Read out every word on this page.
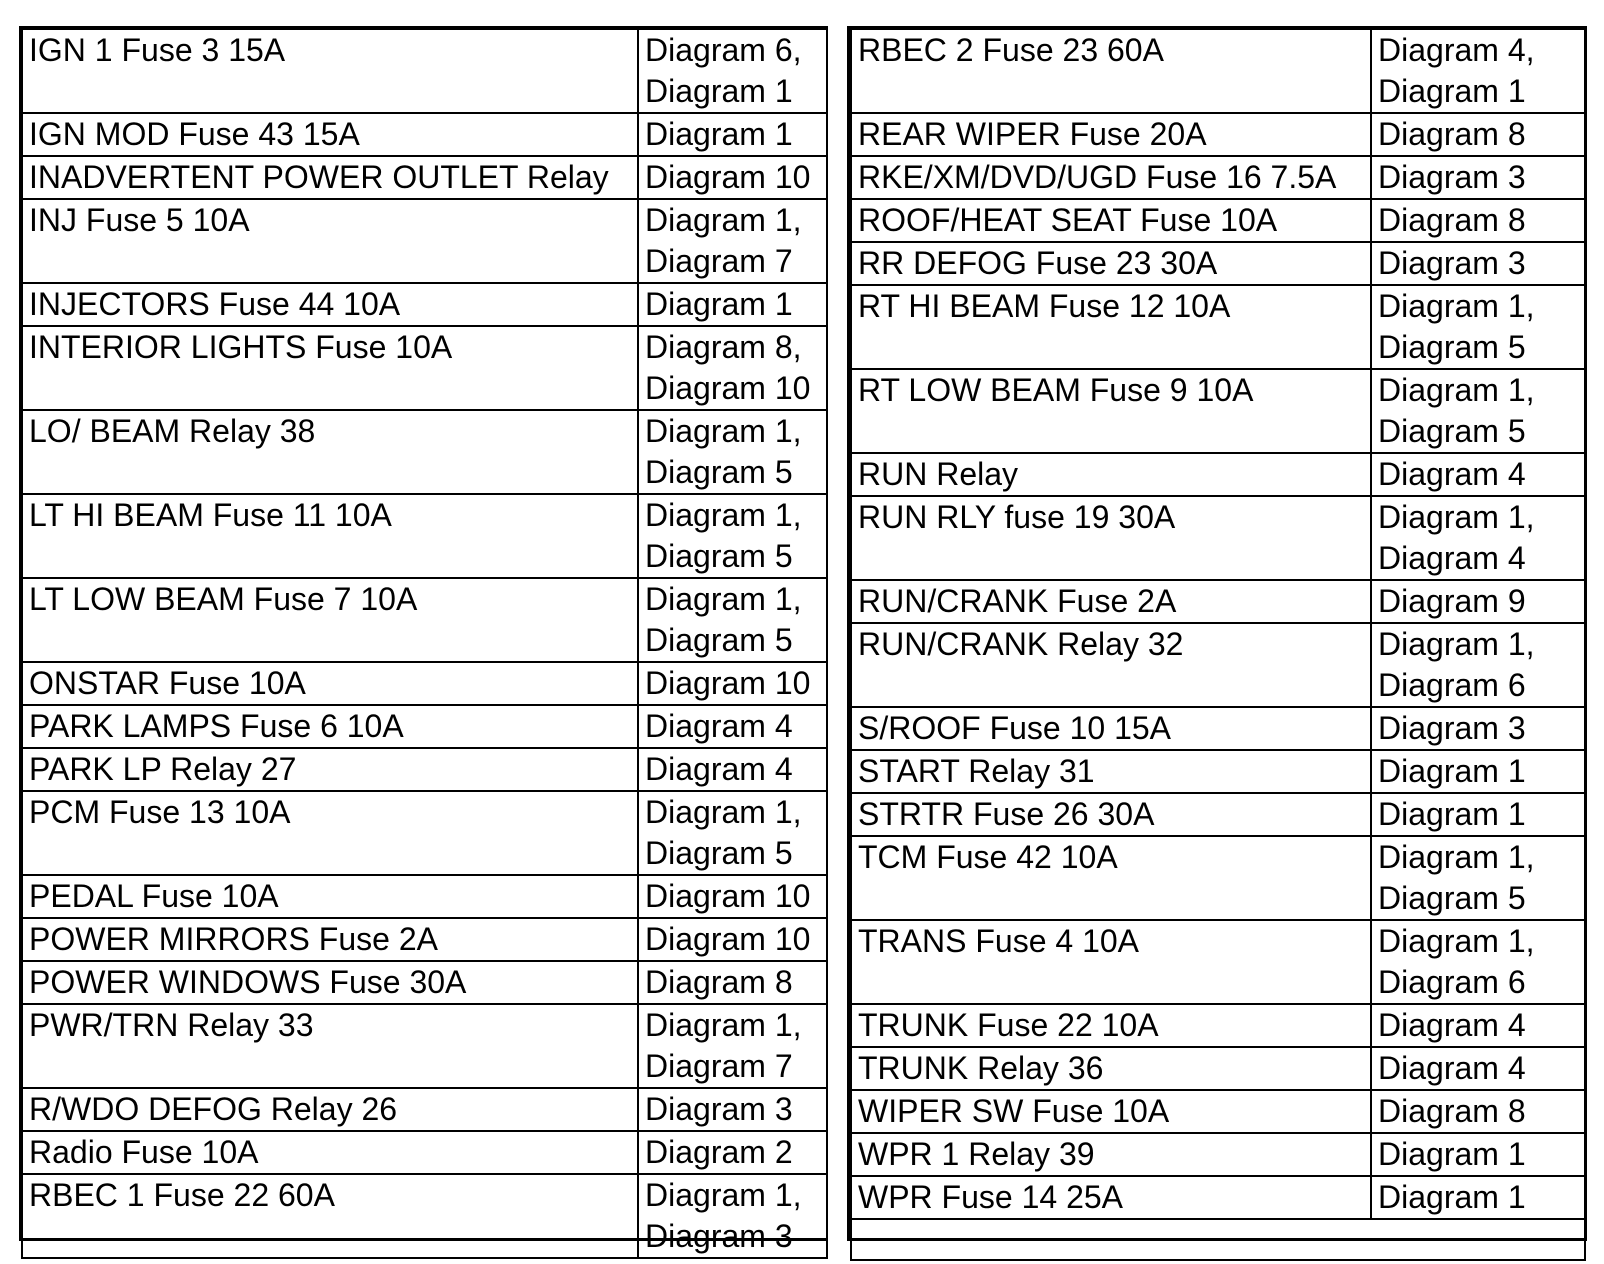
IGN 1 Fuse 3 15A	Diagram 6,
Diagram 1

IGN MOD Fuse 43 15A	Diagram 1

INADVERTENT POWER OUTLET Relay	Diagram 10

INJ Fuse 5 10A	Diagram 1,
Diagram 7

INJECTORS Fuse 44 10A	Diagram 1

INTERIOR LIGHTS Fuse 10A	Diagram 8,
Diagram 10

LO/ BEAM Relay 38	Diagram 1,
Diagram 5

LT HI BEAM Fuse 11 10A	Diagram 1,
Diagram 5

LT LOW BEAM Fuse 7 10A	Diagram 1,
Diagram 5

ONSTAR Fuse 10A	Diagram 10

PARK LAMPS Fuse 6 10A	Diagram 4

PARK LP Relay 27	Diagram 4

PCM Fuse 13 10A	Diagram 1,
Diagram 5

PEDAL Fuse 10A	Diagram 10

POWER MIRRORS Fuse 2A	Diagram 10

POWER WINDOWS Fuse 30A	Diagram 8

PWR/TRN Relay 33	Diagram 1,
Diagram 7

R/WDO DEFOG Relay 26	Diagram 3

Radio Fuse 10A	Diagram 2

RBEC 1 Fuse 22 60A	Diagram 1,
Diagram 3
RBEC 2 Fuse 23 60A	Diagram 4,
Diagram 1

REAR WIPER Fuse 20A	Diagram 8

RKE/XM/DVD/UGD Fuse 16 7.5A	Diagram 3

ROOF/HEAT SEAT Fuse 10A	Diagram 8

RR DEFOG Fuse 23 30A	Diagram 3

RT HI BEAM Fuse 12 10A	Diagram 1,
Diagram 5

RT LOW BEAM Fuse 9 10A	Diagram 1,
Diagram 5

RUN Relay	Diagram 4

RUN RLY fuse 19 30A	Diagram 1,
Diagram 4

RUN/CRANK Fuse 2A	Diagram 9

RUN/CRANK Relay 32	Diagram 1,
Diagram 6

S/ROOF Fuse 10 15A	Diagram 3

START Relay 31	Diagram 1

STRTR Fuse 26 30A	Diagram 1

TCM Fuse 42 10A	Diagram 1,
Diagram 5

TRANS Fuse 4 10A	Diagram 1,
Diagram 6

TRUNK Fuse 22 10A	Diagram 4

TRUNK Relay 36	Diagram 4

WIPER SW Fuse 10A	Diagram 8

WPR 1 Relay 39	Diagram 1

WPR Fuse 14 25A	Diagram 1
